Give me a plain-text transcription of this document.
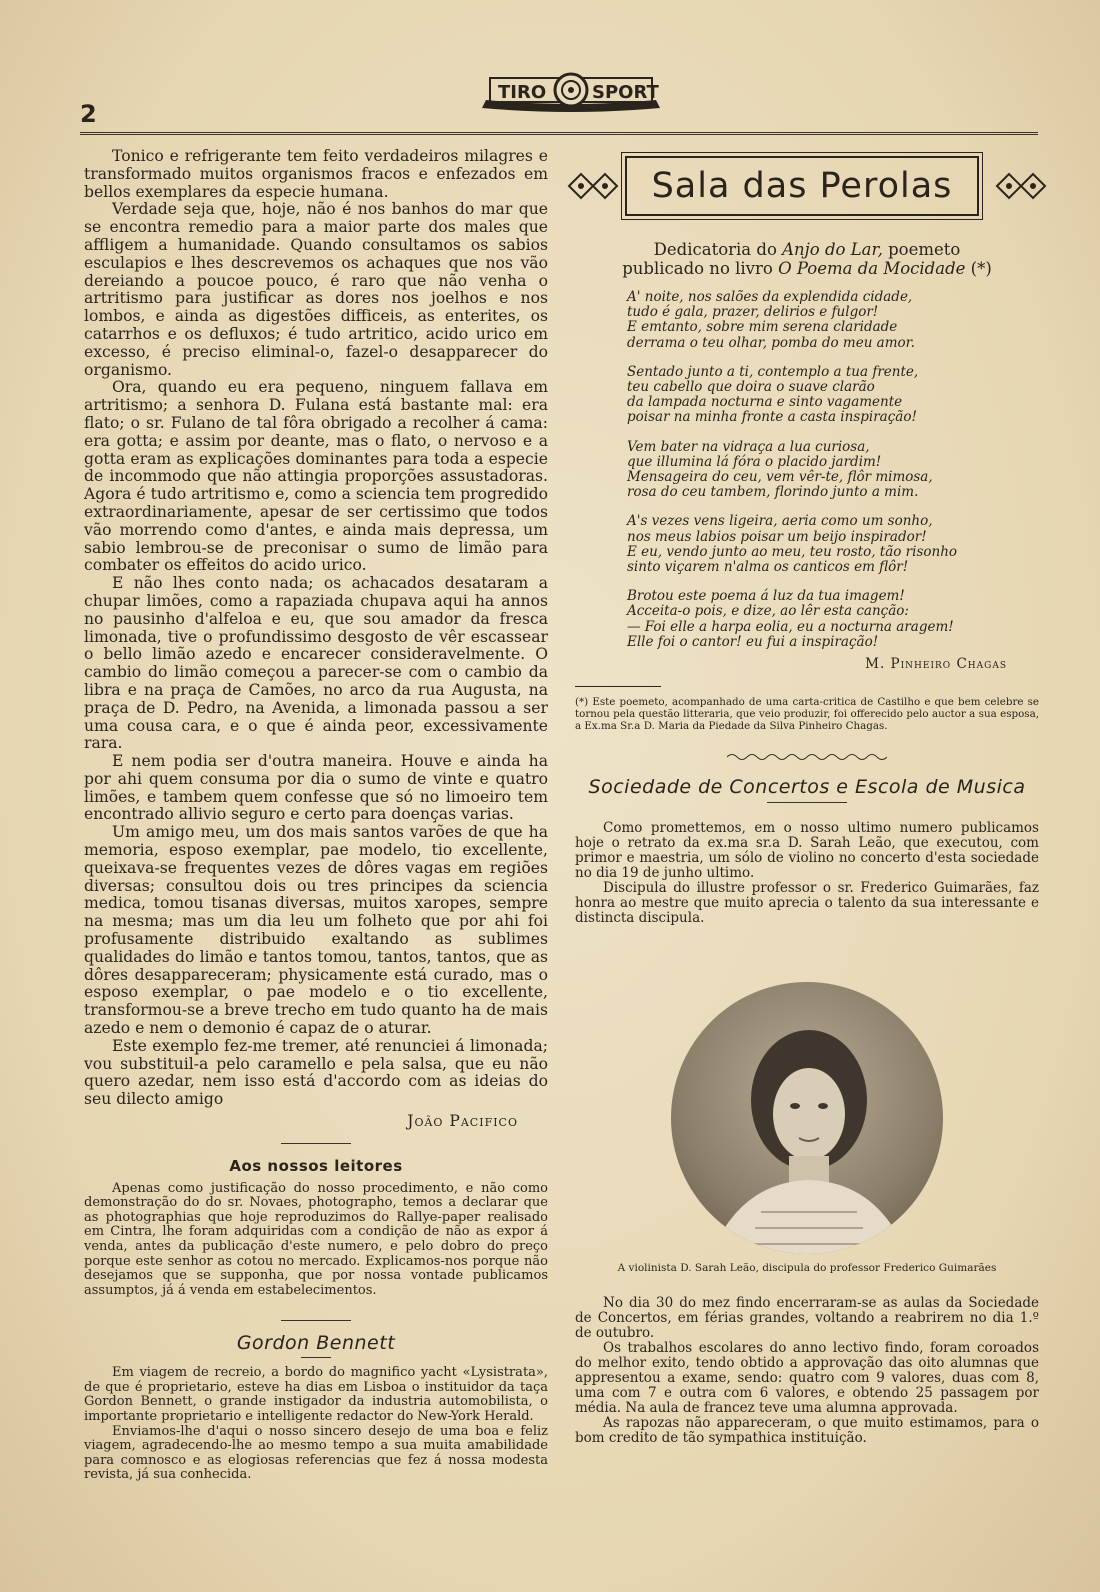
2
TIRO	SPORT

Tonico e refrigerante tem feito verdadeiros milagres e transformado muitos organismos fracos e enfezados em bellos exemplares da especie humana.

Verdade seja que, hoje, não é nos banhos do mar que se encontra remedio para a maior parte dos males que affligem a humanidade. Quando consultamos os sabios esculapios e lhes descrevemos os achaques que nos vão dereiando a poucoe pouco, é raro que não venha o artritismo para justificar as dores nos joelhos e nos lombos, e ainda as digestões difficeis, as enterites, os catarrhos e os defluxos; é tudo artritico, acido urico em excesso, é preciso eliminal-o, fazel-o desapparecer do organismo.

Ora, quando eu era pequeno, ninguem fallava em artritismo; a senhora D. Fulana está bastante mal: era flato; o sr. Fulano de tal fôra obrigado a recolher á cama: era gotta; e assim por deante, mas o flato, o nervoso e a gotta eram as explicações dominantes para toda a especie de incommodo que não attingia proporções assustadoras. Agora é tudo artritismo e, como a sciencia tem progredido extraordinariamente, apesar de ser certissimo que todos vão morrendo como d'antes, e ainda mais depressa, um sabio lembrou-se de preconisar o sumo de limão para combater os effeitos do acido urico.

E não lhes conto nada; os achacados desataram a chupar limões, como a rapaziada chupava aqui ha annos no pausinho d'alfeloa e eu, que sou amador da fresca limonada, tive o profundissimo desgosto de vêr escassear o bello limão azedo e encarecer consideravelmente. O cambio do limão começou a parecer-se com o cambio da libra e na praça de Camões, no arco da rua Augusta, na praça de D. Pedro, na Avenida, a limonada passou a ser uma cousa cara, e o que é ainda peor, excessivamente rara.

E nem podia ser d'outra maneira. Houve e ainda ha por ahi quem consuma por dia o sumo de vinte e quatro limões, e tambem quem confesse que só no limoeiro tem encontrado allivio seguro e certo para doenças varias.

Um amigo meu, um dos mais santos varões de que ha memoria, esposo exemplar, pae modelo, tio excellente, queixava-se frequentes vezes de dôres vagas em regiões diversas; consultou dois ou tres principes da sciencia medica, tomou tisanas diversas, muitos xaropes, sempre na mesma; mas um dia leu um folheto que por ahi foi profusamente distribuido exaltando as sublimes qualidades do limão e tantos tomou, tantos, tantos, que as dôres desappareceram; physicamente está curado, mas o esposo exemplar, o pae modelo e o tio excellente, transformou-se a breve trecho em tudo quanto ha de mais azedo e nem o demonio é capaz de o aturar.

Este exemplo fez-me tremer, até renunciei á limonada; vou substituil-a pelo caramello e pela salsa, que eu não quero azedar, nem isso está d'accordo com as ideias do seu dilecto amigo

João Pacifico
Aos nossos leitores

Apenas como justificação do nosso procedimento, e não como demonstração do do sr. Novaes, photographo, temos a declarar que as photographias que hoje reproduzimos do Rallye-paper realisado em Cintra, lhe foram adquiridas com a condição de não as expor á venda, antes da publicação d'este numero, e pelo dobro do preço porque este senhor as cotou no mercado. Explicamos-nos porque não desejamos que se supponha, que por nossa vontade publicamos assumptos, já á venda em estabelecimentos.

Gordon Bennett

Em viagem de recreio, a bordo do magnifico yacht «Lysistrata», de que é proprietario, esteve ha dias em Lisboa o instituidor da taça Gordon Bennett, o grande instigador da industria automobilista, o importante proprietario e intelligente redactor do New-York Herald.

Enviamos-lhe d'aqui o nosso sincero desejo de uma boa e feliz viagem, agradecendo-lhe ao mesmo tempo a sua muita amabilidade para comnosco e as elogiosas referencias que fez á nossa modesta revista, já sua conhecida.

Sala das Perolas
Dedicatoria do Anjo do Lar, poemeto
publicado no livro O Poema da Mocidade (*)
A' noite, nos salões da explendida cidade,
tudo é gala, prazer, delirios e fulgor!
E emtanto, sobre mim serena claridade
derrama o teu olhar, pomba do meu amor.
Sentado junto a ti, contemplo a tua frente,
teu cabello que doira o suave clarão
da lampada nocturna e sinto vagamente
poisar na minha fronte a casta inspiração!
Vem bater na vidraça a lua curiosa,
que illumina lá fóra o placido jardim!
Mensageira do ceu, vem vêr-te, flôr mimosa,
rosa do ceu tambem, florindo junto a mim.
A's vezes vens ligeira, aeria como um sonho,
nos meus labios poisar um beijo inspirador!
E eu, vendo junto ao meu, teu rosto, tão risonho
sinto viçarem n'alma os canticos em flôr!
Brotou este poema á luz da tua imagem!
Acceita-o pois, e dize, ao lêr esta canção:
— Foi elle a harpa eolia, eu a nocturna aragem!
Elle foi o cantor! eu fui a inspiração!
M. Pinheiro Chagas
(*) Este poemeto, acompanhado de uma carta-critica de Castilho e que bem celebre se tornou pela questão litteraria, que veio produzir, foi offerecido pelo auctor a sua esposa, a Ex.ma Sr.a D. Maria da Piedade da Silva Pinheiro Chagas.
Sociedade de Concertos e Escola de Musica

Como promettemos, em o nosso ultimo numero publicamos hoje o retrato da ex.ma sr.a D. Sarah Leão, que executou, com primor e maestria, um sólo de violino no concerto d'esta sociedade no dia 19 de junho ultimo.

Discipula do illustre professor o sr. Frederico Guimarães, faz honra ao mestre que muito aprecia o talento da sua interessante e distincta discipula.

A violinista D. Sarah Leão, discipula do professor Frederico Guimarães

No dia 30 do mez findo encerraram-se as aulas da Sociedade de Concertos, em férias grandes, voltando a reabrirem no dia 1.º de outubro.

Os trabalhos escolares do anno lectivo findo, foram coroados do melhor exito, tendo obtido a approvação das oito alumnas que appresentou a exame, sendo: quatro com 9 valores, duas com 8, uma com 7 e outra com 6 valores, e obtendo 25 passagem por média. Na aula de francez teve uma alumna approvada.

As rapozas não appareceram, o que muito estimamos, para o bom credito de tão sympathica instituição.
